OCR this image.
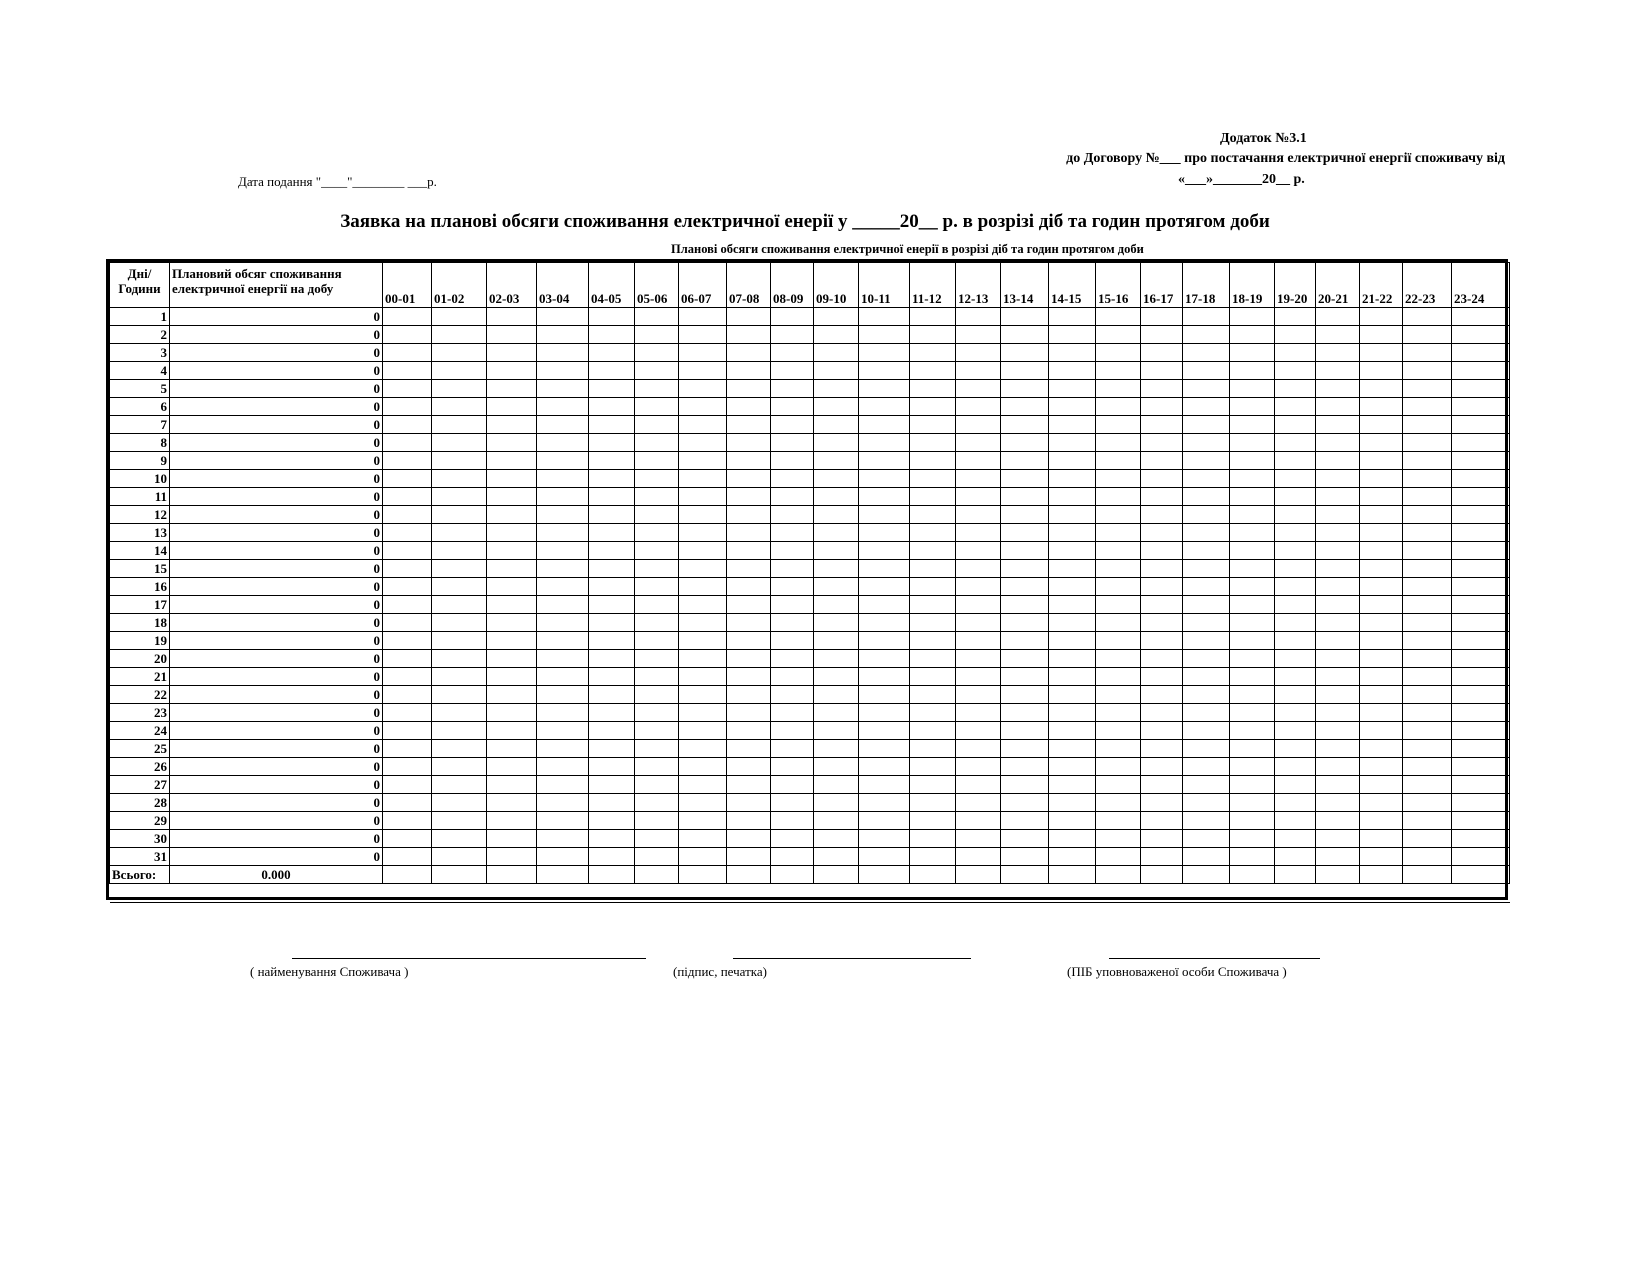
Додаток №3.1
до Договору №___ про постачання електричної енергії споживачу від
«___»_______20__ р.
Дата подання "____"________ ___р.
Заявка на планові обсяги споживання електричної енерії у _____20__ р. в розрізі діб та годин протягом доби
Планові обсяги споживання електричної енерії в розрізі діб та годин протягом доби
Дні/
Години	Плановий обсяг споживання
електричної енергії на добу	00-01	01-02	02-03	03-04	04-05	05-06	06-07	07-08	08-09	09-10	10-11	11-12	12-13	13-14	14-15	15-16	16-17	17-18	18-19	19-20	20-21	21-22	22-23	23-24
1	0																								
2	0																								
3	0																								
4	0																								
5	0																								
6	0																								
7	0																								
8	0																								
9	0																								
10	0																								
11	0																								
12	0																								
13	0																								
14	0																								
15	0																								
16	0																								
17	0																								
18	0																								
19	0																								
20	0																								
21	0																								
22	0																								
23	0																								
24	0																								
25	0																								
26	0																								
27	0																								
28	0																								
29	0																								
30	0																								
31	0																								
Всього:	0.000																								

( найменування Споживача )	(підпис, печатка)	(ПІБ уповноваженої особи Споживача )
